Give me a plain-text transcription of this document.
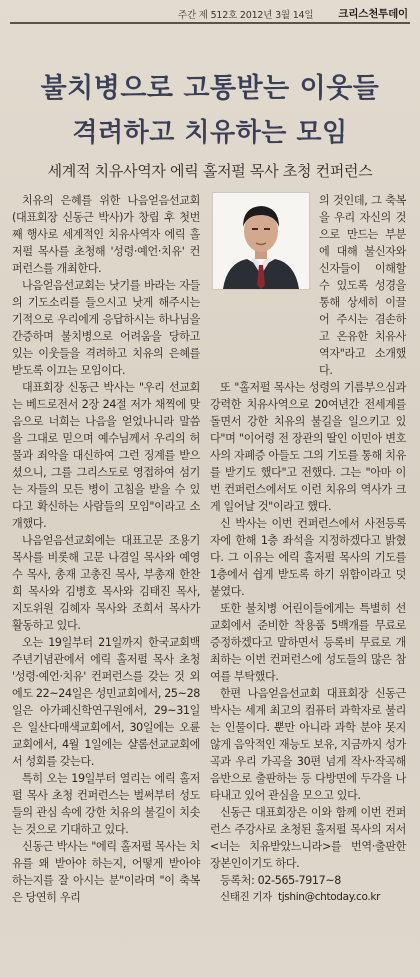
주간 제 512호 2012년 3월 14일 크리스천투데이
불치병으로 고통받는 이웃들
격려하고 치유하는 모임
세계적 치유사역자 에릭 홀저펄 목사 초청 컨퍼런스

치유의 은혜를 위한 나음얻음선교회(대표회장 신동근 박사)가 창립 후 첫번째 행사로 세계적인 치유사역자 에릭 홀저펄 목사를 초청해 '성령·예언·치유' 컨퍼런스를 개최한다.

나음얻음선교회는 낫기를 바라는 자들의 기도소리를 들으시고 낫게 해주시는 기적으로 우리에게 응답하시는 하나님을 간증하며 불치병으로 어려움을 당하고 있는 이웃들을 격려하고 치유의 은혜를 받도록 이끄는 모임이다.

대표회장 신동근 박사는 "우리 선교회는 베드로전서 2장 24절 저가 채찍에 맞음으로 너희는 나음을 얻었나니라 말씀을 그대로 믿으며 예수님께서 우리의 허물과 죄악을 대신하여 그런 징계를 받으셨으니, 그를 그리스도로 영접하여 섬기는 자들의 모든 병이 고침을 받을 수 있다고 확신하는 사람들의 모임"이라고 소개했다.

나음얻음선교회에는 대표고문 조용기 목사를 비롯해 고문 나겸일 목사와 예영수 목사, 총재 고총진 목사, 부총재 한찬희 목사와 김병호 목사와 김태진 목사, 지도위원 김혜자 목사와 조희서 목사가 활동하고 있다.

오는 19일부터 21일까지 한국교회백주년기념관에서 에릭 홀저펄 목사 초청 '성령·예언·치유' 컨퍼런스를 갖는 것 외에도 22~24일은 성민교회에서, 25~28일은 아가페신학연구원에서, 29~31일은 일산다매색교회에서, 30일에는 오륜교회에서, 4월 1일에는 샬롬선교교회에서 성회를 갖는다.

특히 오는 19일부터 열리는 에릭 홀저펄 목사 초청 컨퍼런스는 벌써부터 성도들의 관심 속에 강한 치유의 불길이 치솟는 것으로 기대하고 있다.

신동근 박사는 "에릭 홀저펄 목사는 치유를 왜 받아야 하는지, 어떻게 받아야 하는지를 잘 아시는 분"이라며 "이 축복은 당연히 우리

의 것인데, 그 축복을 우리 자신의 것으로 만드는 부분에 대해 불신자와 신자들이 이해할 수 있도록 성경을 통해 상세히 이끌어 주시는 겸손하고 온유한 치유사역자"라고 소개했다.

또 "홀저펄 목사는 성령의 기름부으심과 강력한 치유사역으로 20여년간 전세계를 돌면서 강한 치유의 불길을 일으키고 있다"며 "이어령 전 장관의 딸인 이민아 변호사의 자폐증 아들도 그의 기도를 통해 치유를 받기도 했다"고 전했다. 그는 "아마 이번 컨퍼런스에서도 이런 치유의 역사가 크게 일어날 것"이라고 했다.

신 박사는 이번 컨퍼런스에서 사전등록자에 한해 1층 좌석을 지정하겠다고 밝혔다. 그 이유는 에릭 홀저펄 목사의 기도를 1층에서 쉽게 받도록 하기 위함이라고 덧붙였다.

또한 불치병 어린이들에게는 특별히 선교회에서 준비한 착용품 5백개를 무료로 증정하겠다고 말하면서 등록비 무료로 개최하는 이번 컨퍼런스에 성도들의 많은 참여를 부탁했다.

한편 나음얻음선교회 대표회장 신동근 박사는 세계 최고의 컴퓨터 과학자로 불리는 인물이다. 뿐만 아니라 과학 분야 못지 않게 음악적인 재능도 보유, 지금까지 성가곡과 우리 가곡을 30편 넘게 작사·작곡해 음반으로 출판하는 등 다방면에 두각을 나타내고 있어 관심을 모으고 있다.

신동근 대표회장은 이와 함께 이번 컨퍼런스 주강사로 초청된 홀저펄 목사의 저서 <너는 치유받았느니라>를 번역·출판한 장본인이기도 하다.

등록처: 02-565-7917~8

신태진 기자 tjshin@chtoday.co.kr
